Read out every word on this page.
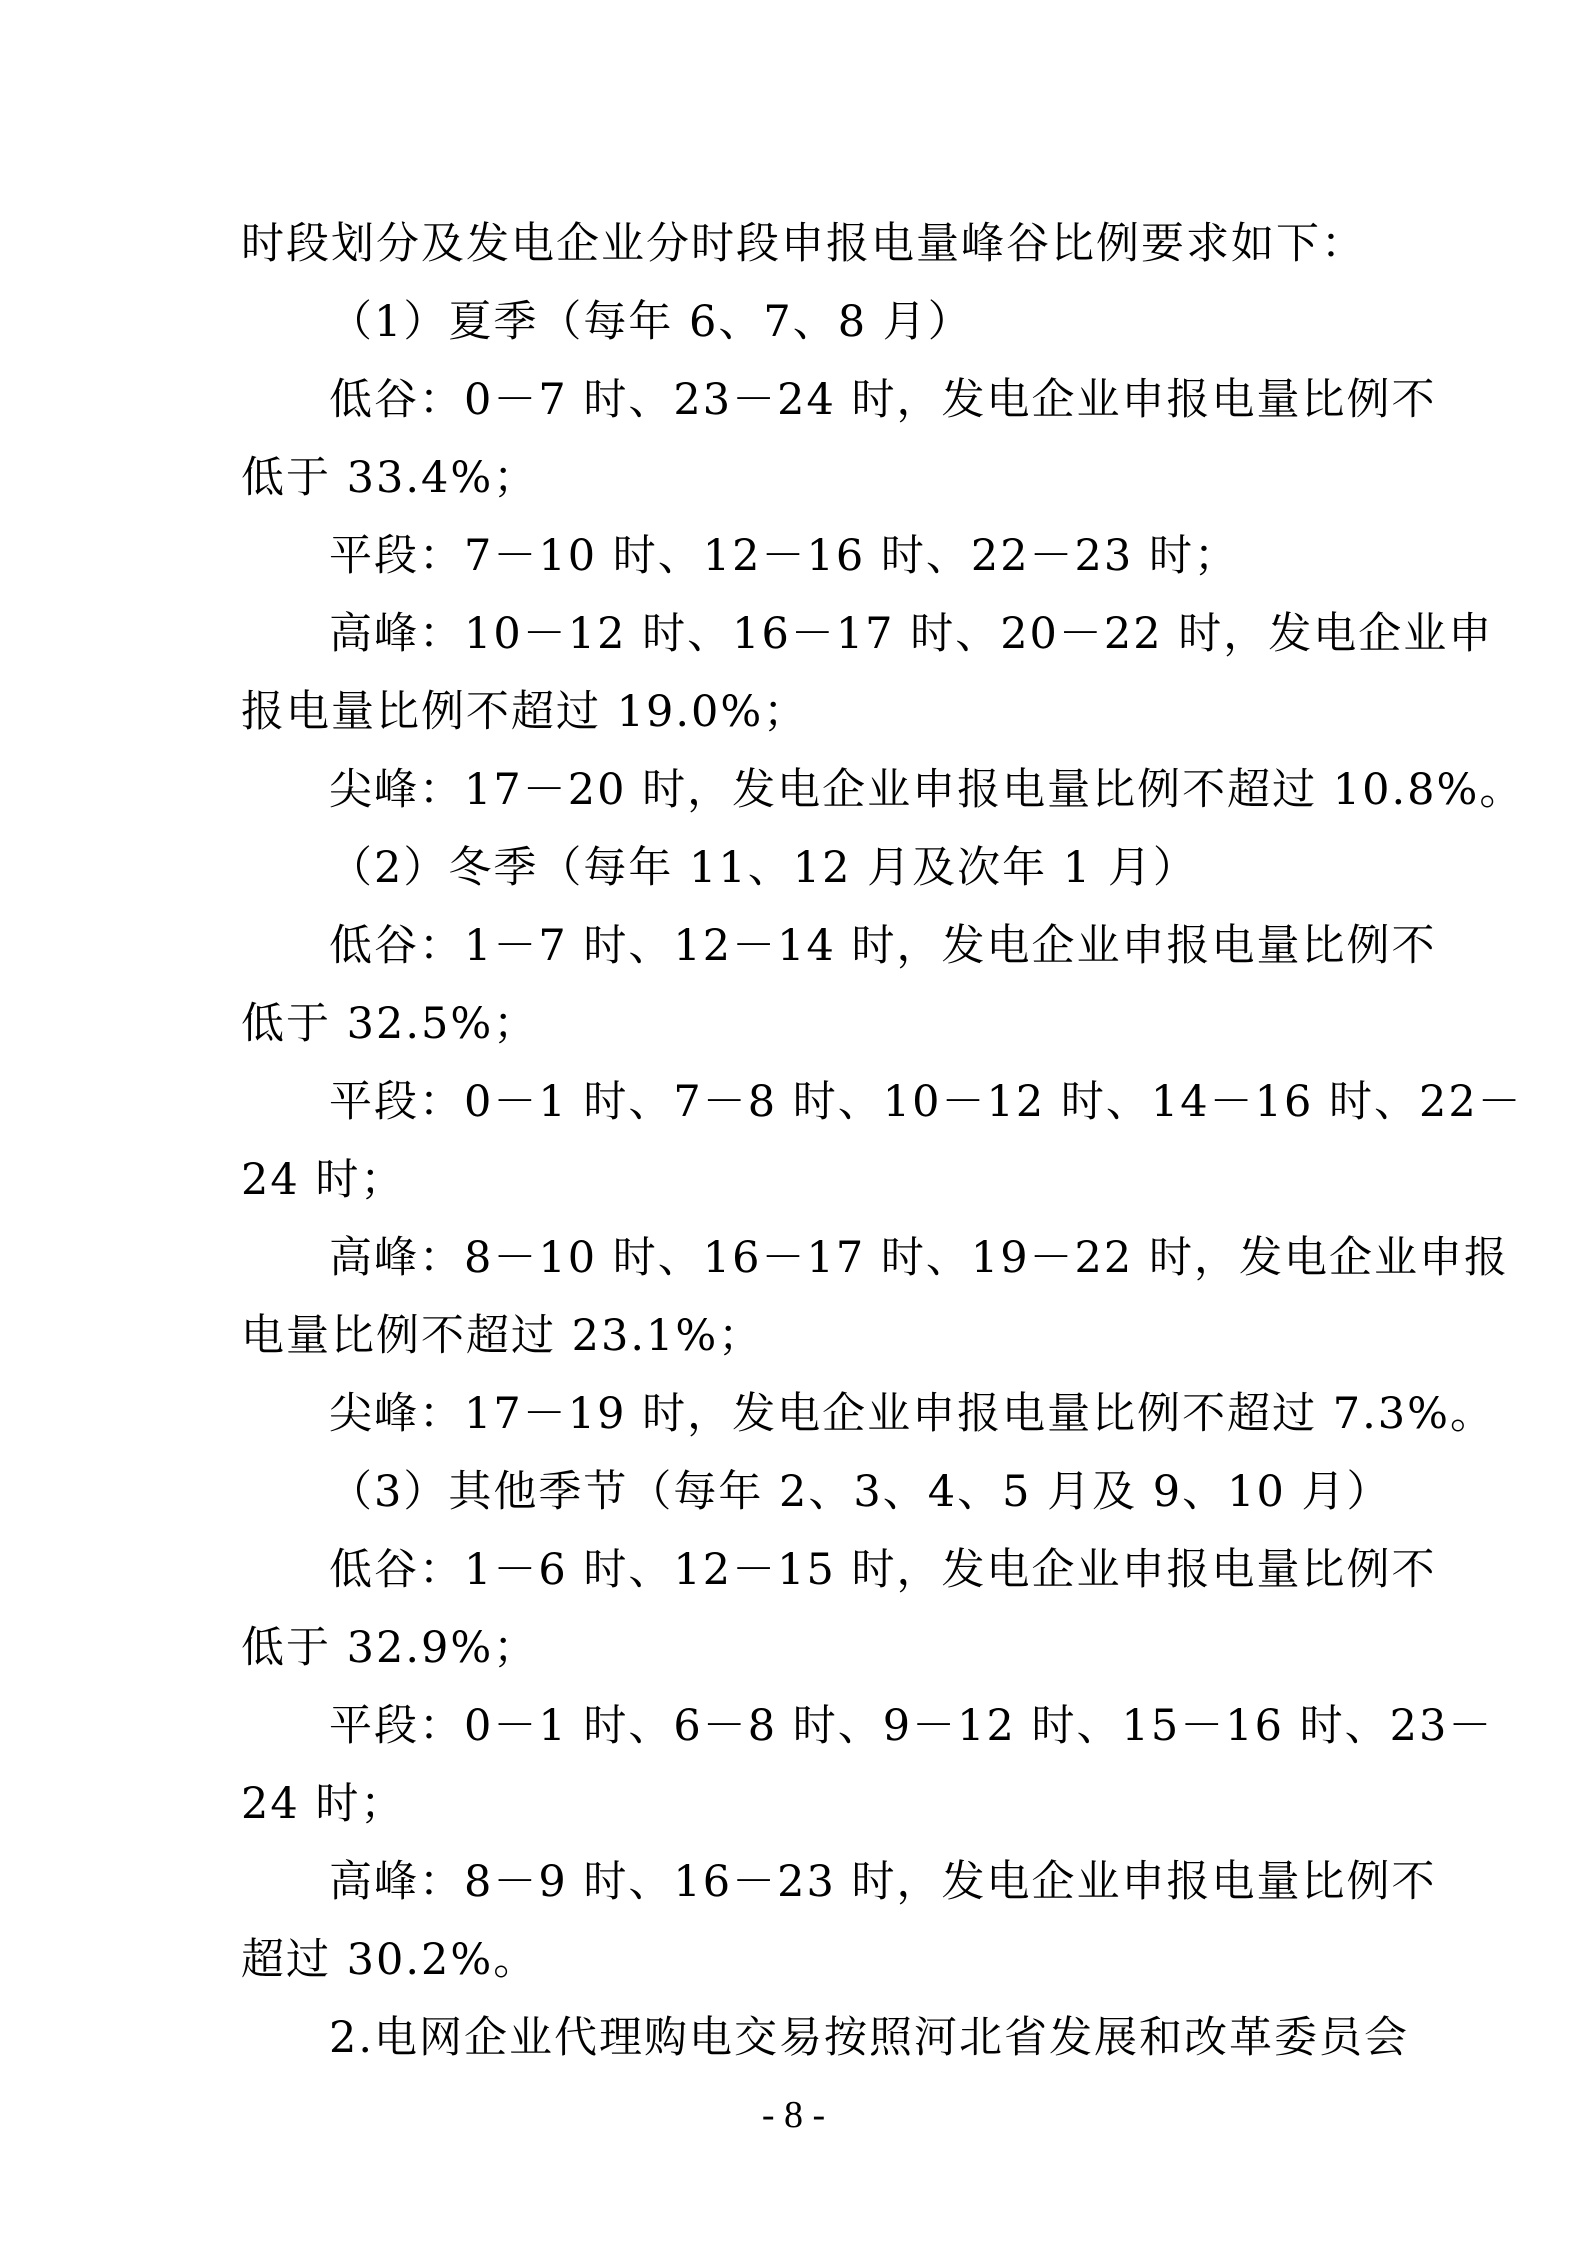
时段划分及发电企业分时段申报电量峰谷比例要求如下：
（1）夏季（每年 6、7、8 月）
低谷：0－7 时、23－24 时，发电企业申报电量比例不
低于 33.4%；
平段：7－10 时、12－16 时、22－23 时；
高峰：10－12 时、16－17 时、20－22 时，发电企业申
报电量比例不超过 19.0%；
尖峰：17－20 时，发电企业申报电量比例不超过 10.8%。
（2）冬季（每年 11、12 月及次年 1 月）
低谷：1－7 时、12－14 时，发电企业申报电量比例不
低于 32.5%；
平段：0－1 时、7－8 时、10－12 时、14－16 时、22－
24 时；
高峰：8－10 时、16－17 时、19－22 时，发电企业申报
电量比例不超过 23.1%；
尖峰：17－19 时，发电企业申报电量比例不超过 7.3%。
（3）其他季节（每年 2、3、4、5 月及 9、10 月）
低谷：1－6 时、12－15 时，发电企业申报电量比例不
低于 32.9%；
平段：0－1 时、6－8 时、9－12 时、15－16 时、23－
24 时；
高峰：8－9 时、16－23 时，发电企业申报电量比例不
超过 30.2%。
2.电网企业代理购电交易按照河北省发展和改革委员会
- 8 -
